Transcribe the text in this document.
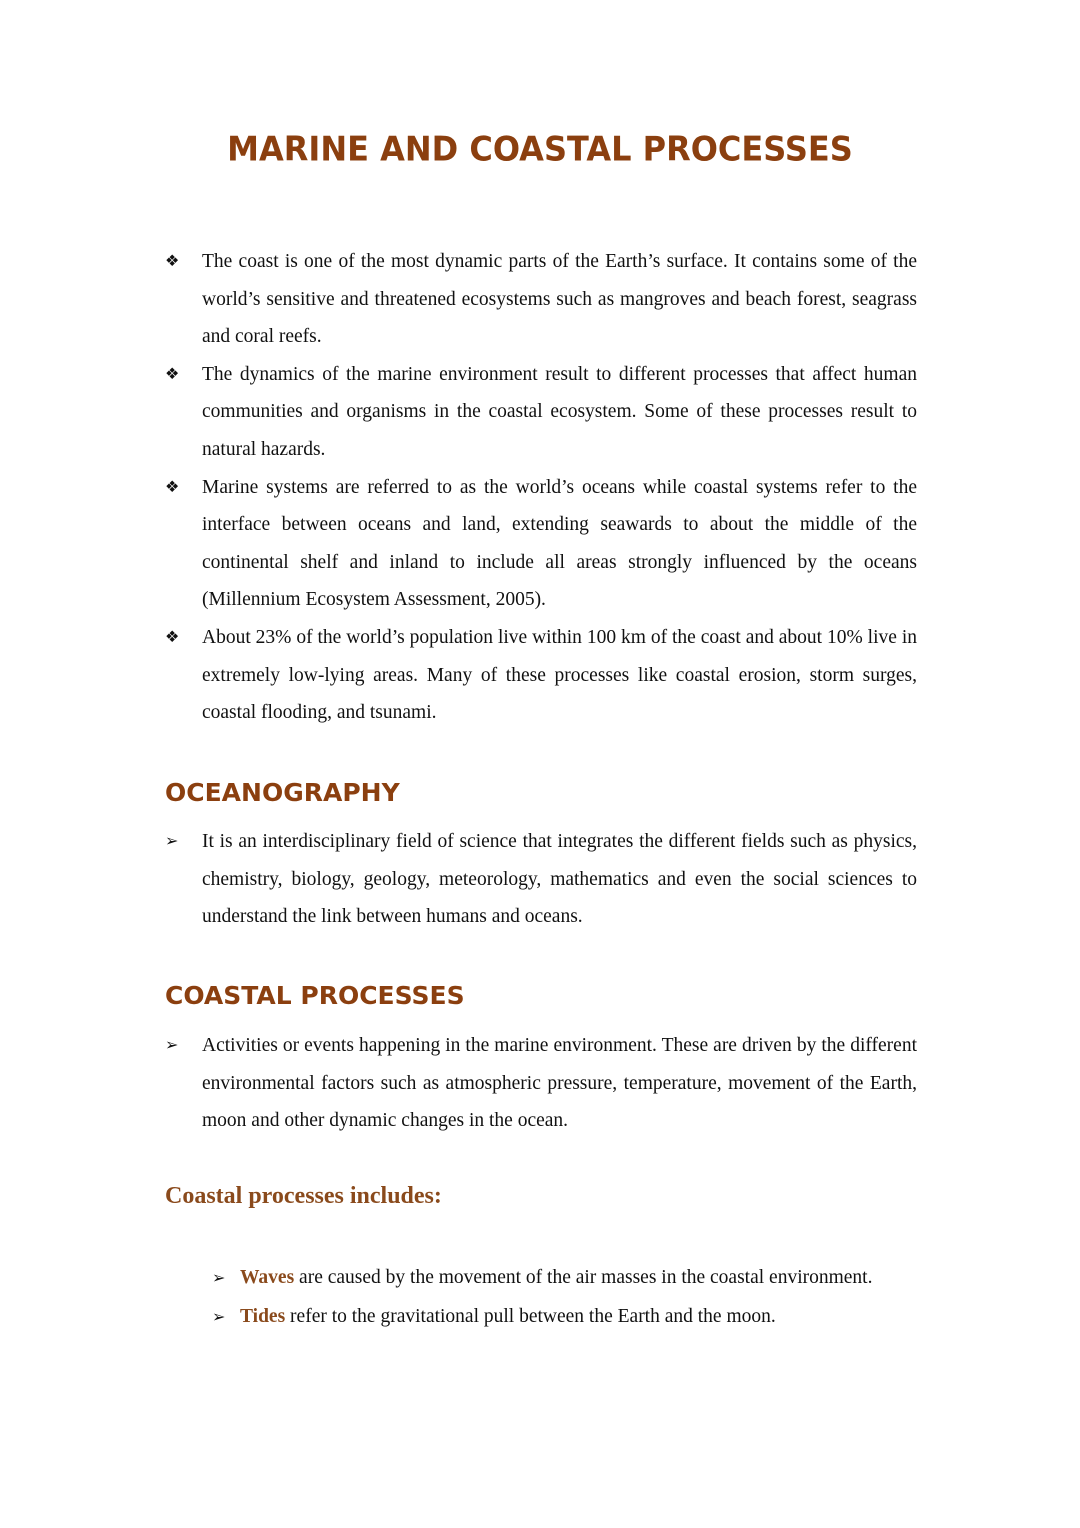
MARINE AND COASTAL PROCESSES
❖ The coast is one of the most dynamic parts of the Earth’s surface. It contains some of the world’s sensitive and threatened ecosystems such as mangroves and beach forest, seagrass and coral reefs.
❖ The dynamics of the marine environment result to different processes that affect human communities and organisms in the coastal ecosystem. Some of these processes result to natural hazards.
❖ Marine systems are referred to as the world’s oceans while coastal systems refer to the interface between oceans and land, extending seawards to about the middle of the continental shelf and inland to include all areas strongly influenced by the oceans (Millennium Ecosystem Assessment, 2005).
❖ About 23% of the world’s population live within 100 km of the coast and about 10% live in extremely low-lying areas. Many of these processes like coastal erosion, storm surges, coastal flooding, and tsunami.
OCEANOGRAPHY
➢ It is an interdisciplinary field of science that integrates the different fields such as physics, chemistry, biology, geology, meteorology, mathematics and even the social sciences to understand the link between humans and oceans.
COASTAL PROCESSES
➢ Activities or events happening in the marine environment. These are driven by the different environmental factors such as atmospheric pressure, temperature, movement of the Earth, moon and other dynamic changes in the ocean.
Coastal processes includes:
➢ Waves are caused by the movement of the air masses in the coastal environment.
➢ Tides refer to the gravitational pull between the Earth and the moon.
